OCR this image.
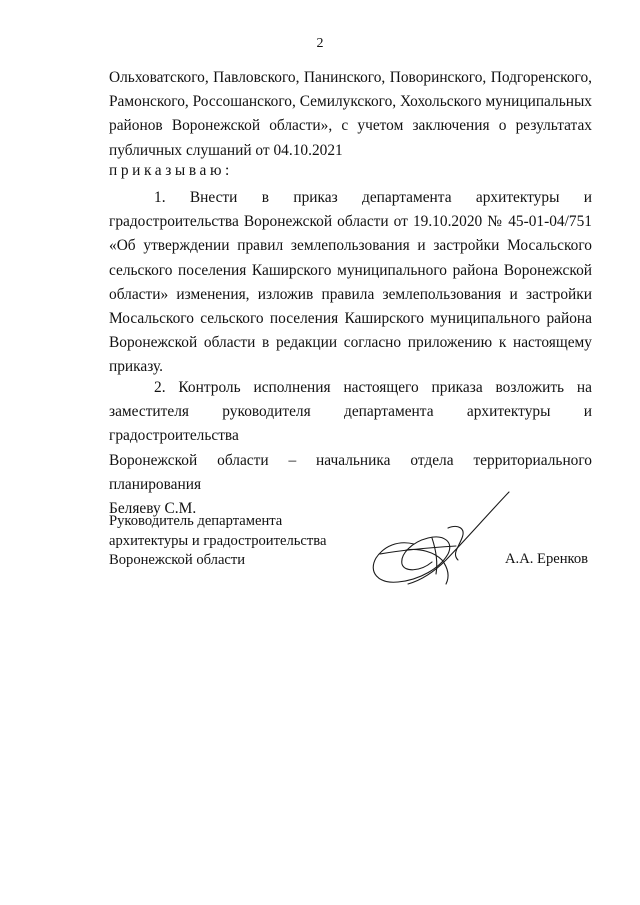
2
Ольховатского, Павловского, Панинского, Поворинского, Подгоренского,
Рамонского, Россошанского, Семилукского, Хохольского муниципальных
районов Воронежской области», с учетом заключения о результатах
публичных слушаний от 04.10.2021
приказываю:
1. Внести в приказ департамента архитектуры и
градостроительства Воронежской области от 19.10.2020 № 45-01-04/751
«Об утверждении правил землепользования и застройки Мосальского
сельского поселения Каширского муниципального района Воронежской
области» изменения, изложив правила землепользования и застройки
Мосальского сельского поселения Каширского муниципального района
Воронежской области в редакции согласно приложению к настоящему
приказу.
2. Контроль исполнения настоящего приказа возложить на
заместителя руководителя департамента архитектуры и градостроительства
Воронежской области – начальника отдела территориального планирования
Беляеву С.М.
Руководитель департамента
архитектуры и градостроительства
Воронежской области	А.А. Еренков
